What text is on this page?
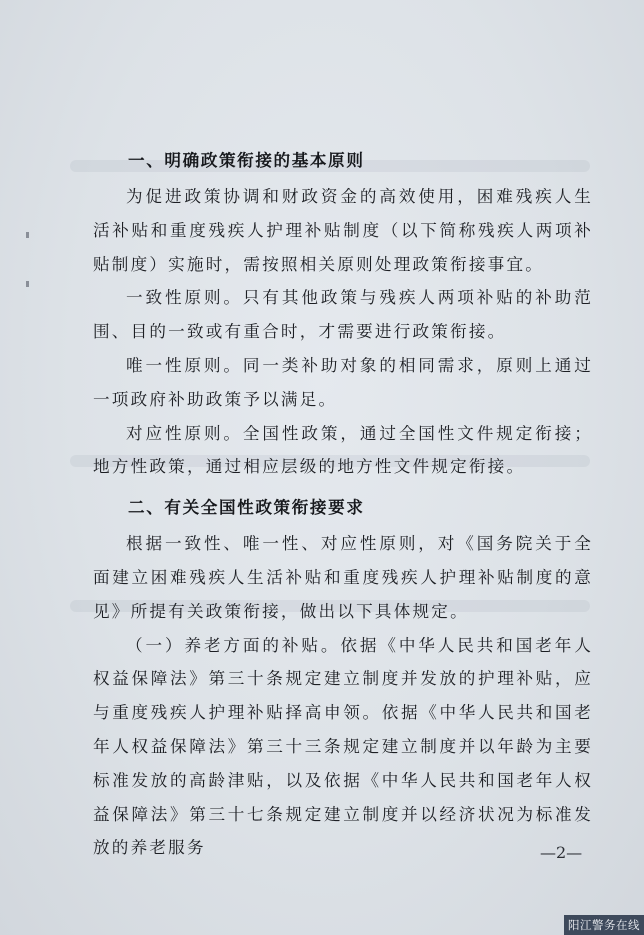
一、明确政策衔接的基本原则

为促进政策协调和财政资金的高效使用，困难残疾人生活补贴和重度残疾人护理补贴制度（以下简称残疾人两项补贴制度）实施时，需按照相关原则处理政策衔接事宜。

一致性原则。只有其他政策与残疾人两项补贴的补助范围、目的一致或有重合时，才需要进行政策衔接。

唯一性原则。同一类补助对象的相同需求，原则上通过一项政府补助政策予以满足。

对应性原则。全国性政策，通过全国性文件规定衔接；地方性政策，通过相应层级的地方性文件规定衔接。

二、有关全国性政策衔接要求

根据一致性、唯一性、对应性原则，对《国务院关于全面建立困难残疾人生活补贴和重度残疾人护理补贴制度的意见》所提有关政策衔接，做出以下具体规定。

（一）养老方面的补贴。依据《中华人民共和国老年人权益保障法》第三十条规定建立制度并发放的护理补贴，应与重度残疾人护理补贴择高申领。依据《中华人民共和国老年人权益保障法》第三十三条规定建立制度并以年龄为主要标准发放的高龄津贴，以及依据《中华人民共和国老年人权益保障法》第三十七条规定建立制度并以经济状况为标准发放的养老服务	—2—
阳江警务在线
